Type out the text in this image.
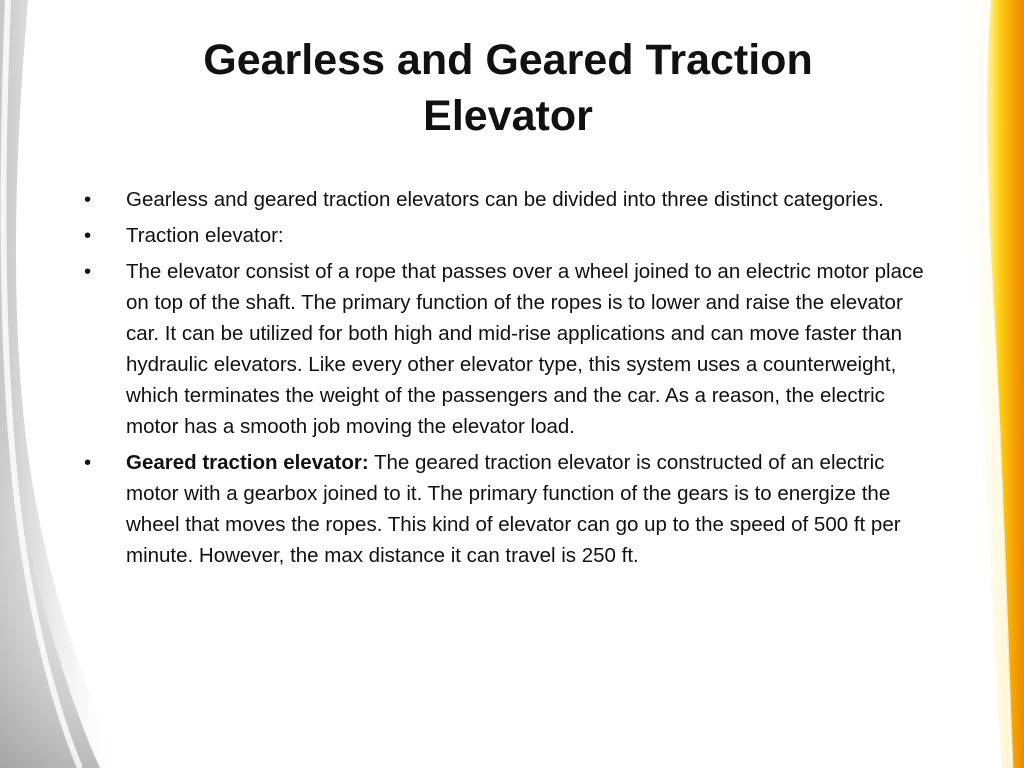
Gearless and Geared Traction Elevator
•	Gearless and geared traction elevators can be divided into three distinct categories.
•	Traction elevator:
•	The elevator consist of a rope that passes over a wheel joined to an electric motor place on top of the shaft. The primary function of the ropes is to lower and raise the elevator car. It can be utilized for both high and mid-rise applications and can move faster than hydraulic elevators. Like every other elevator type, this system uses a counterweight, which terminates the weight of the passengers and the car. As a reason, the electric motor has a smooth job moving the elevator load.
•	Geared traction elevator: The geared traction elevator is constructed of an electric motor with a gearbox joined to it. The primary function of the gears is to energize the wheel that moves the ropes. This kind of elevator can go up to the speed of 500 ft per minute. However, the max distance it can travel is 250 ft.
